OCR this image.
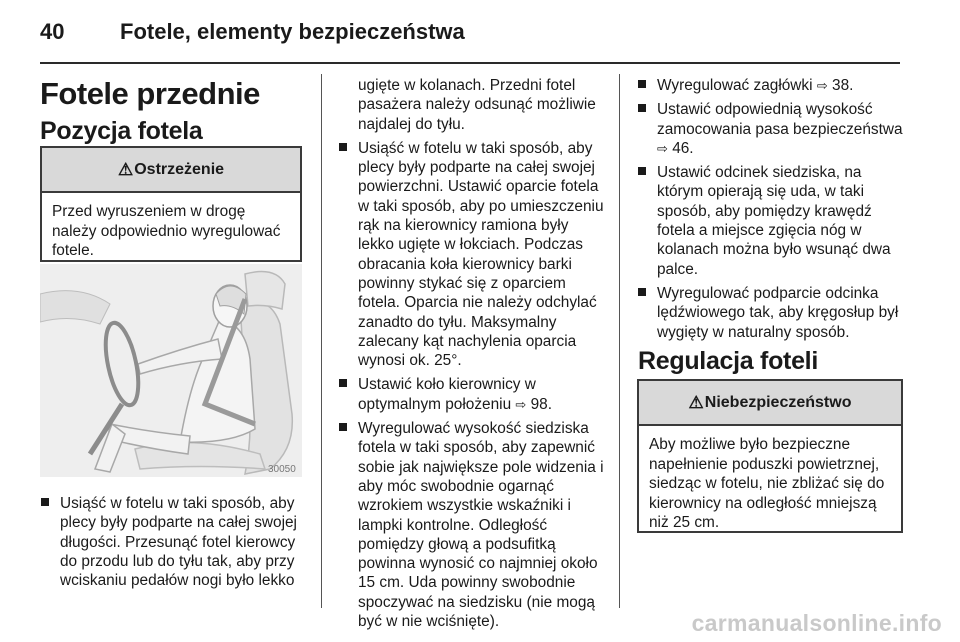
40	Fotele, elementy bezpieczeństwa
Fotele przednie
Pozycja fotela
⚠ Ostrzeżenie
Przed wyruszeniem w drogę należy odpowiednio wyregulować fotele.
30050
Usiąść w fotelu w taki sposób, aby plecy były podparte na całej swojej długości. Przesunąć fotel kierowcy do przodu lub do tyłu tak, aby przy wciskaniu pedałów nogi było lekko
ugięte w kolanach. Przedni fotel pasażera należy odsunąć możliwie najdalej do tyłu.
Usiąść w fotelu w taki sposób, aby plecy były podparte na całej swojej powierzchni. Ustawić oparcie fotela w taki sposób, aby po umieszczeniu rąk na kierownicy ramiona były lekko ugięte w łokciach. Podczas obracania koła kierownicy barki powinny stykać się z oparciem fotela. Oparcia nie należy odchylać zanadto do tyłu. Maksymalny zalecany kąt nachylenia oparcia wynosi ok. 25°.
Ustawić koło kierownicy w optymalnym położeniu ⇨ 98.
Wyregulować wysokość siedziska fotela w taki sposób, aby zapewnić sobie jak największe pole widzenia i aby móc swobodnie ogarnąć wzrokiem wszystkie wskaźniki i lampki kontrolne. Odległość pomiędzy głową a podsufitką powinna wynosić co najmniej około 15 cm. Uda powinny swobodnie spoczywać na siedzisku (nie mogą być w nie wciśnięte).
Wyregulować zagłówki ⇨ 38.
Ustawić odpowiednią wysokość zamocowania pasa bezpieczeństwa ⇨ 46.
Ustawić odcinek siedziska, na którym opierają się uda, w taki sposób, aby pomiędzy krawędź fotela a miejsce zgięcia nóg w kolanach można było wsunąć dwa palce.
Wyregulować podparcie odcinka lędźwiowego tak, aby kręgosłup był wygięty w naturalny sposób.
Regulacja foteli
⚠ Niebezpieczeństwo
Aby możliwe było bezpieczne napełnienie poduszki powietrznej, siedząc w fotelu, nie zbliżać się do kierownicy na odległość mniejszą niż 25 cm.
carmanualsonline.info
